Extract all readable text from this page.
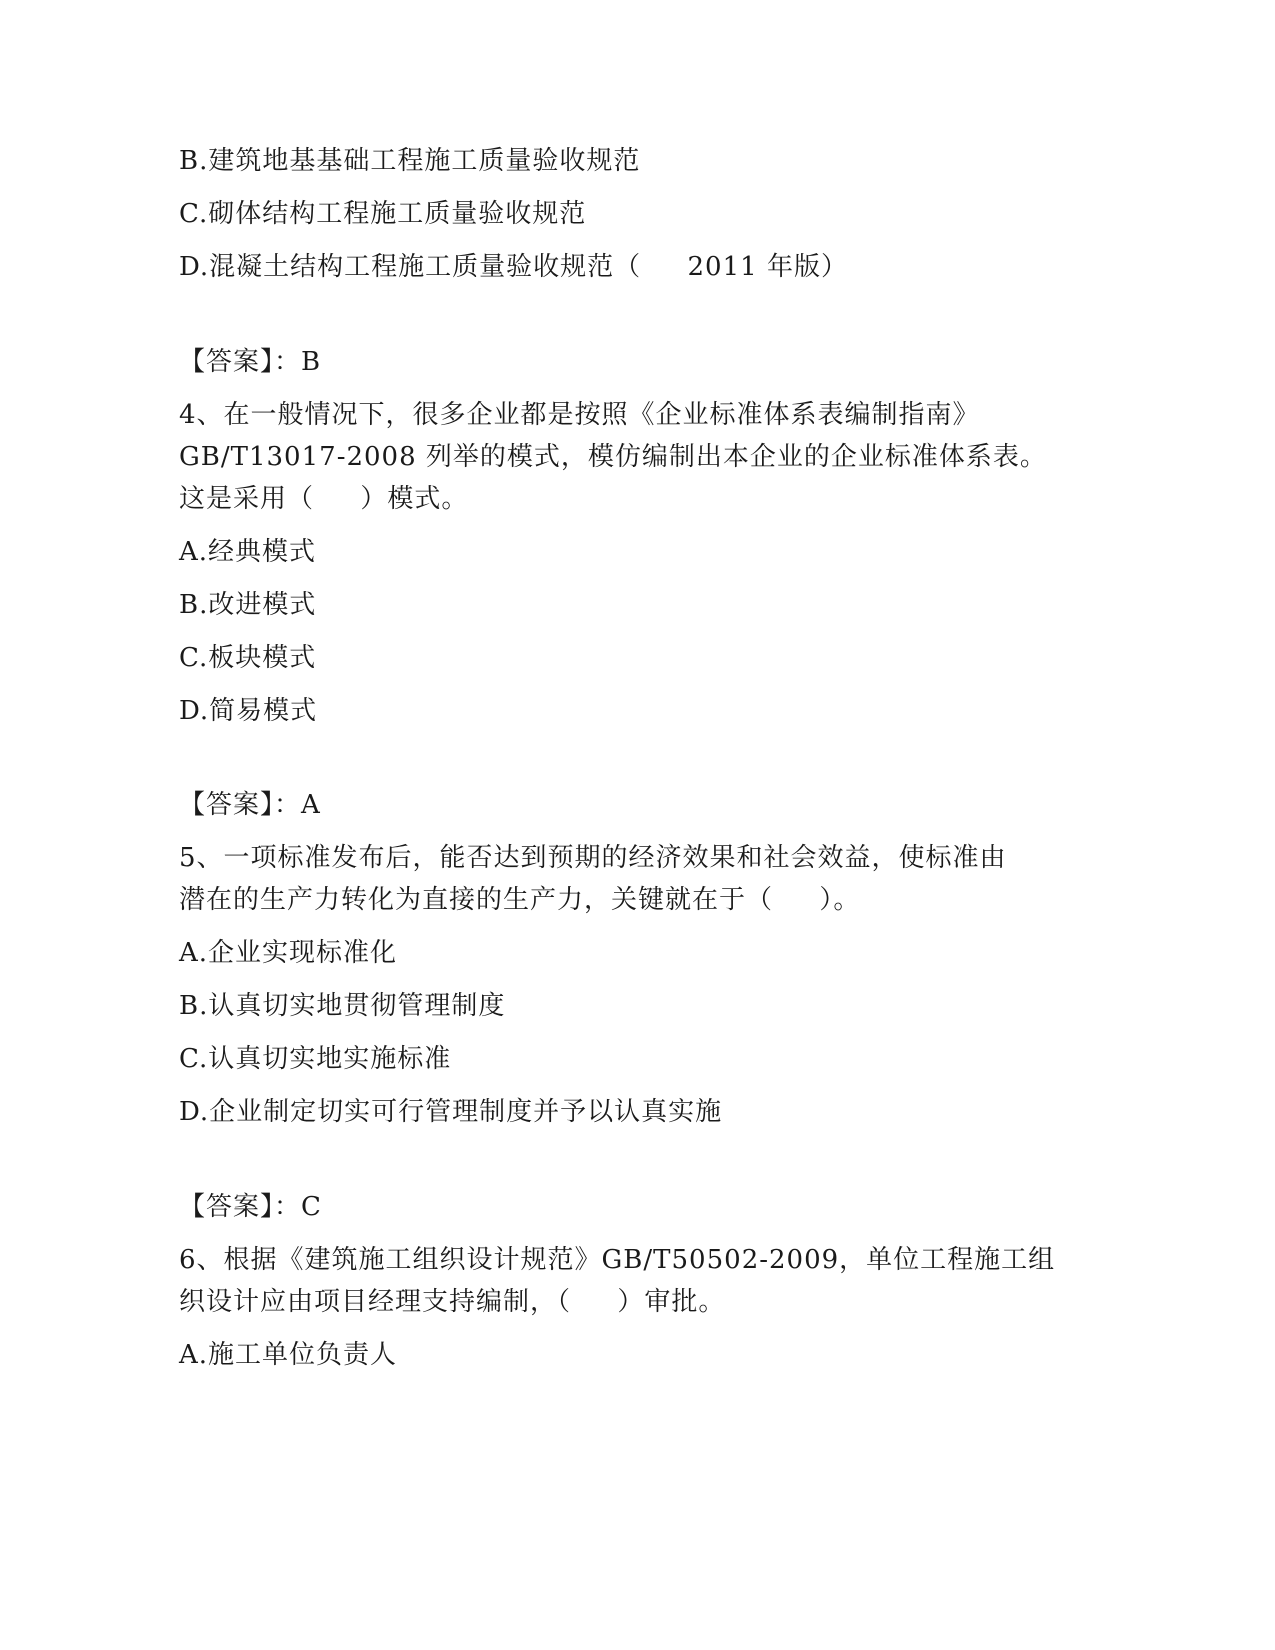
B.建筑地基基础工程施工质量验收规范
C.砌体结构工程施工质量验收规范
D.混凝土结构工程施工质量验收规范（     2011 年版）
【答案】：B
4、在一般情况下，很多企业都是按照《企业标准体系表编制指南》
GB/T13017-2008 列举的模式，模仿编制出本企业的企业标准体系表。
这是采用（     ）模式。
A.经典模式
B.改进模式
C.板块模式
D.简易模式
【答案】：A
5、一项标准发布后，能否达到预期的经济效果和社会效益，使标准由
潜在的生产力转化为直接的生产力，关键就在于（     ）。
A.企业实现标准化
B.认真切实地贯彻管理制度
C.认真切实地实施标准
D.企业制定切实可行管理制度并予以认真实施
【答案】：C
6、根据《建筑施工组织设计规范》GB/T50502-2009，单位工程施工组
织设计应由项目经理支持编制，（     ）审批。
A.施工单位负责人
